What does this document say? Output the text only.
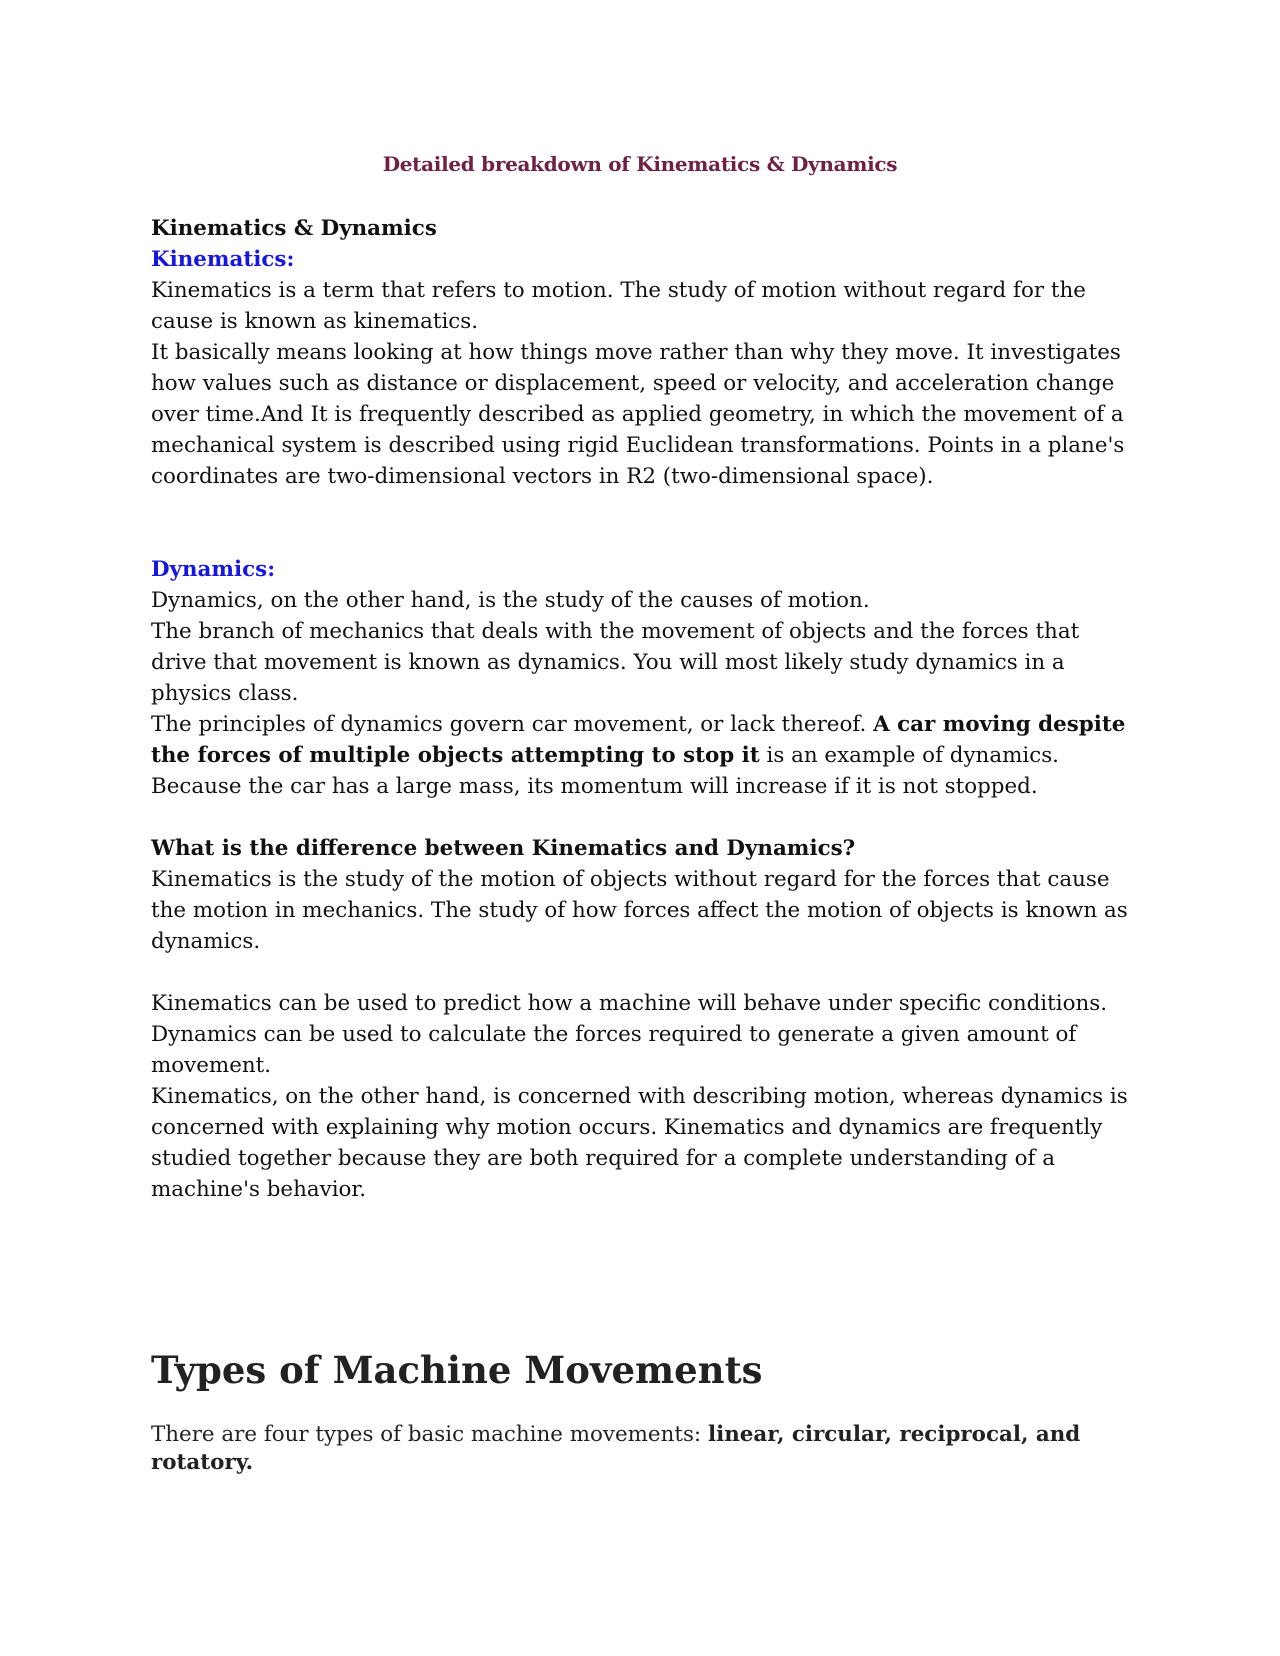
Detailed breakdown of Kinematics & Dynamics

Kinematics & Dynamics

Kinematics:

Kinematics is a term that refers to motion. The study of motion without regard for the cause is known as kinematics.

It basically means looking at how things move rather than why they move. It investigates how values such as distance or displacement, speed or velocity, and acceleration change over time.And It is frequently described as applied geometry, in which the movement of a mechanical system is described using rigid Euclidean transformations. Points in a plane's coordinates are two-dimensional vectors in R2 (two-dimensional space).

Dynamics:

Dynamics, on the other hand, is the study of the causes of motion.

The branch of mechanics that deals with the movement of objects and the forces that drive that movement is known as dynamics. You will most likely study dynamics in a physics class.

The principles of dynamics govern car movement, or lack thereof. A car moving despite the forces of multiple objects attempting to stop it is an example of dynamics.

Because the car has a large mass, its momentum will increase if it is not stopped.

What is the difference between Kinematics and Dynamics?

Kinematics is the study of the motion of objects without regard for the forces that cause the motion in mechanics. The study of how forces affect the motion of objects is known as dynamics.

Kinematics can be used to predict how a machine will behave under specific conditions.

Dynamics can be used to calculate the forces required to generate a given amount of movement.

Kinematics, on the other hand, is concerned with describing motion, whereas dynamics is concerned with explaining why motion occurs. Kinematics and dynamics are frequently studied together because they are both required for a complete understanding of a machine's behavior.

Types of Machine Movements

There are four types of basic machine movements: linear, circular, reciprocal, and rotatory.
